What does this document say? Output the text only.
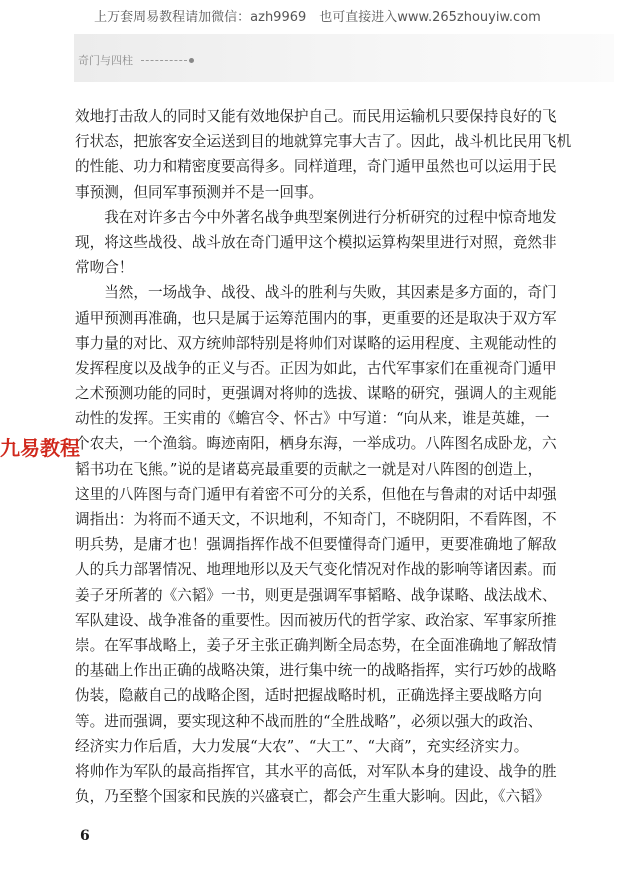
上万套周易教程请加微信：azh9969　也可直接进入www.265zhouyiw.com
奇门与四柱
效地打击敌人的同时又能有效地保护自己。而民用运输机只要保持良好的飞
行状态，把旅客安全运送到目的地就算完事大吉了。因此，战斗机比民用飞机
的性能、功力和精密度要高得多。同样道理，奇门遁甲虽然也可以运用于民
事预测，但同军事预测并不是一回事。
　　我在对许多古今中外著名战争典型案例进行分析研究的过程中惊奇地发
现，将这些战役、战斗放在奇门遁甲这个模拟运算构架里进行对照，竟然非
常吻合！
　　当然，一场战争、战役、战斗的胜利与失败，其因素是多方面的，奇门
遁甲预测再准确，也只是属于运筹范围内的事，更重要的还是取决于双方军
事力量的对比、双方统帅部特别是将帅们对谋略的运用程度、主观能动性的
发挥程度以及战争的正义与否。正因为如此，古代军事家们在重视奇门遁甲
之术预测功能的同时，更强调对将帅的选拔、谋略的研究，强调人的主观能
动性的发挥。王实甫的《蟾宫令、怀古》中写道：“向从来，谁是英雄，一
个农夫，一个渔翁。晦迹南阳，栖身东海，一举成功。八阵图名成卧龙，六
韬书功在飞熊。”说的是诸葛亮最重要的贡献之一就是对八阵图的创造上，
这里的八阵图与奇门遁甲有着密不可分的关系，但他在与鲁肃的对话中却强
调指出：为将而不通天文，不识地利，不知奇门，不晓阴阳，不看阵图，不
明兵势，是庸才也！强调指挥作战不但要懂得奇门遁甲，更要准确地了解敌
人的兵力部署情况、地理地形以及天气变化情况对作战的影响等诸因素。而
姜子牙所著的《六韬》一书，则更是强调军事韬略、战争谋略、战法战术、
军队建设、战争准备的重要性。因而被历代的哲学家、政治家、军事家所推
崇。在军事战略上，姜子牙主张正确判断全局态势，在全面准确地了解敌情
的基础上作出正确的战略决策，进行集中统一的战略指挥，实行巧妙的战略
伪装，隐蔽自己的战略企图，适时把握战略时机，正确选择主要战略方向
等。进而强调，要实现这种不战而胜的“全胜战略”，必须以强大的政治、
经济实力作后盾，大力发展“大农”、“大工”、“大商”，充实经济实力。
将帅作为军队的最高指挥官，其水平的高低，对军队本身的建设、战争的胜
负，乃至整个国家和民族的兴盛衰亡，都会产生重大影响。因此，《六韬》
九易教程
6
